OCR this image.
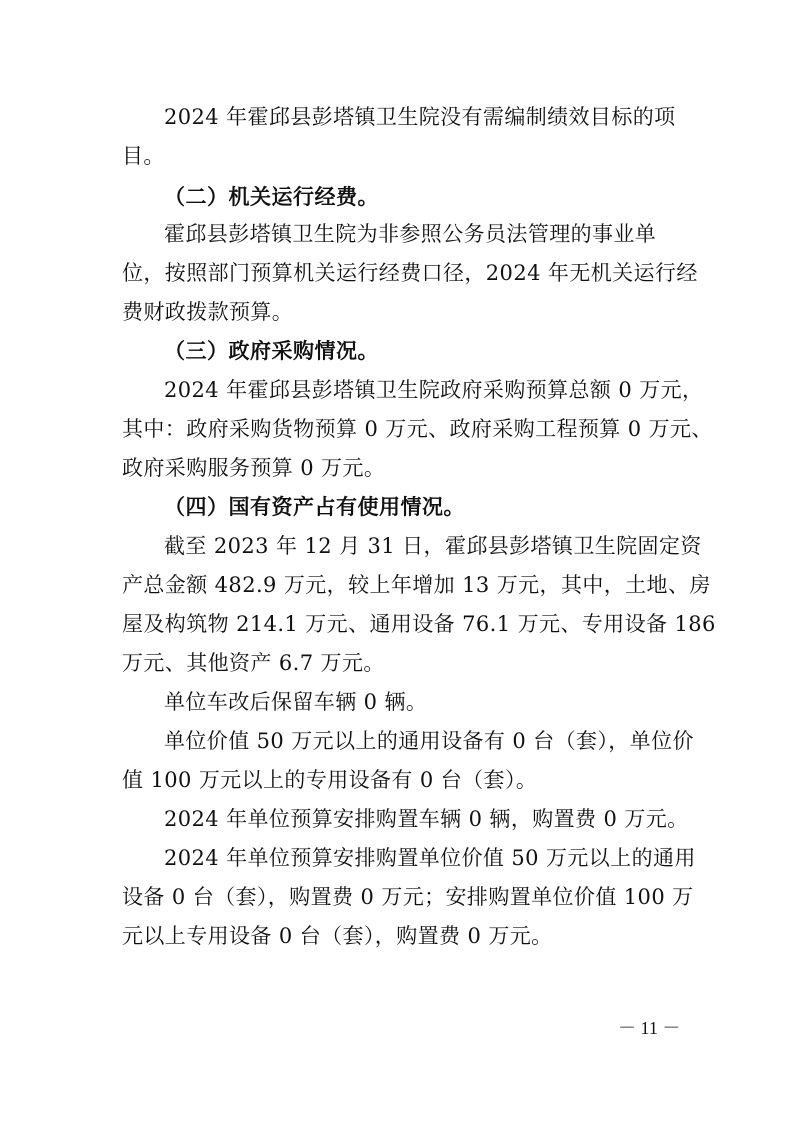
2024 年霍邱县彭塔镇卫生院没有需编制绩效目标的项
目。
（二）机关运行经费。
霍邱县彭塔镇卫生院为非参照公务员法管理的事业单
位，按照部门预算机关运行经费口径，2024 年无机关运行经
费财政拨款预算。
（三）政府采购情况。
2024 年霍邱县彭塔镇卫生院政府采购预算总额 0 万元，
其中：政府采购货物预算 0 万元、政府采购工程预算 0 万元、
政府采购服务预算 0 万元。
（四）国有资产占有使用情况。
截至 2023 年 12 月 31 日，霍邱县彭塔镇卫生院固定资
产总金额 482.9 万元，较上年增加 13 万元，其中，土地、房
屋及构筑物 214.1 万元、通用设备 76.1 万元、专用设备 186
万元、其他资产 6.7 万元。
单位车改后保留车辆 0 辆。
单位价值 50 万元以上的通用设备有 0 台（套），单位价
值 100 万元以上的专用设备有 0 台（套）。
2024 年单位预算安排购置车辆 0 辆，购置费 0 万元。
2024 年单位预算安排购置单位价值 50 万元以上的通用
设备 0 台（套），购置费 0 万元；安排购置单位价值 100 万
元以上专用设备 0 台（套），购置费 0 万元。
－ 11 －
